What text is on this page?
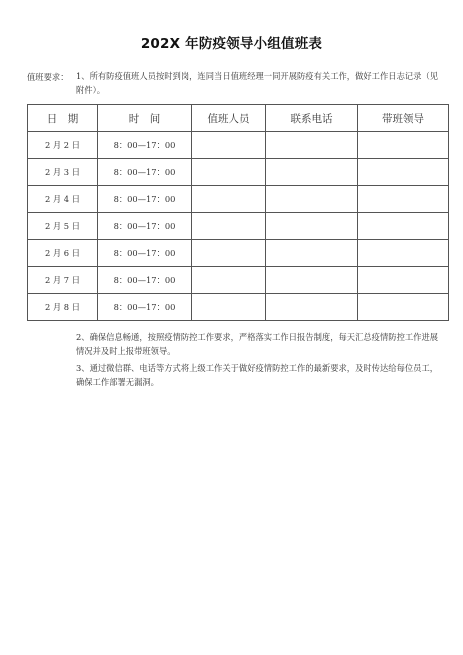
202X 年防疫领导小组值班表
值班要求： 1、所有防疫值班人员按时到岗，连同当日值班经理一同开展防疫有关工作，做好工作日志记录（见附件）。
日　期	时　间	值班人员	联系电话	带班领导
2 月 2 日	8：00—17：00			
2 月 3 日	8：00—17：00			
2 月 4 日	8：00—17：00			
2 月 5 日	8：00—17：00			
2 月 6 日	8：00—17：00			
2 月 7 日	8：00—17：00			
2 月 8 日	8：00—17：00			
2、确保信息畅通，按照疫情防控工作要求，严格落实工作日报告制度，每天汇总疫情防控工作进展情况并及时上报带班领导。
3、通过微信群、电话等方式将上级工作关于做好疫情防控工作的最新要求，及时传达给每位员工，确保工作部署无漏洞。
